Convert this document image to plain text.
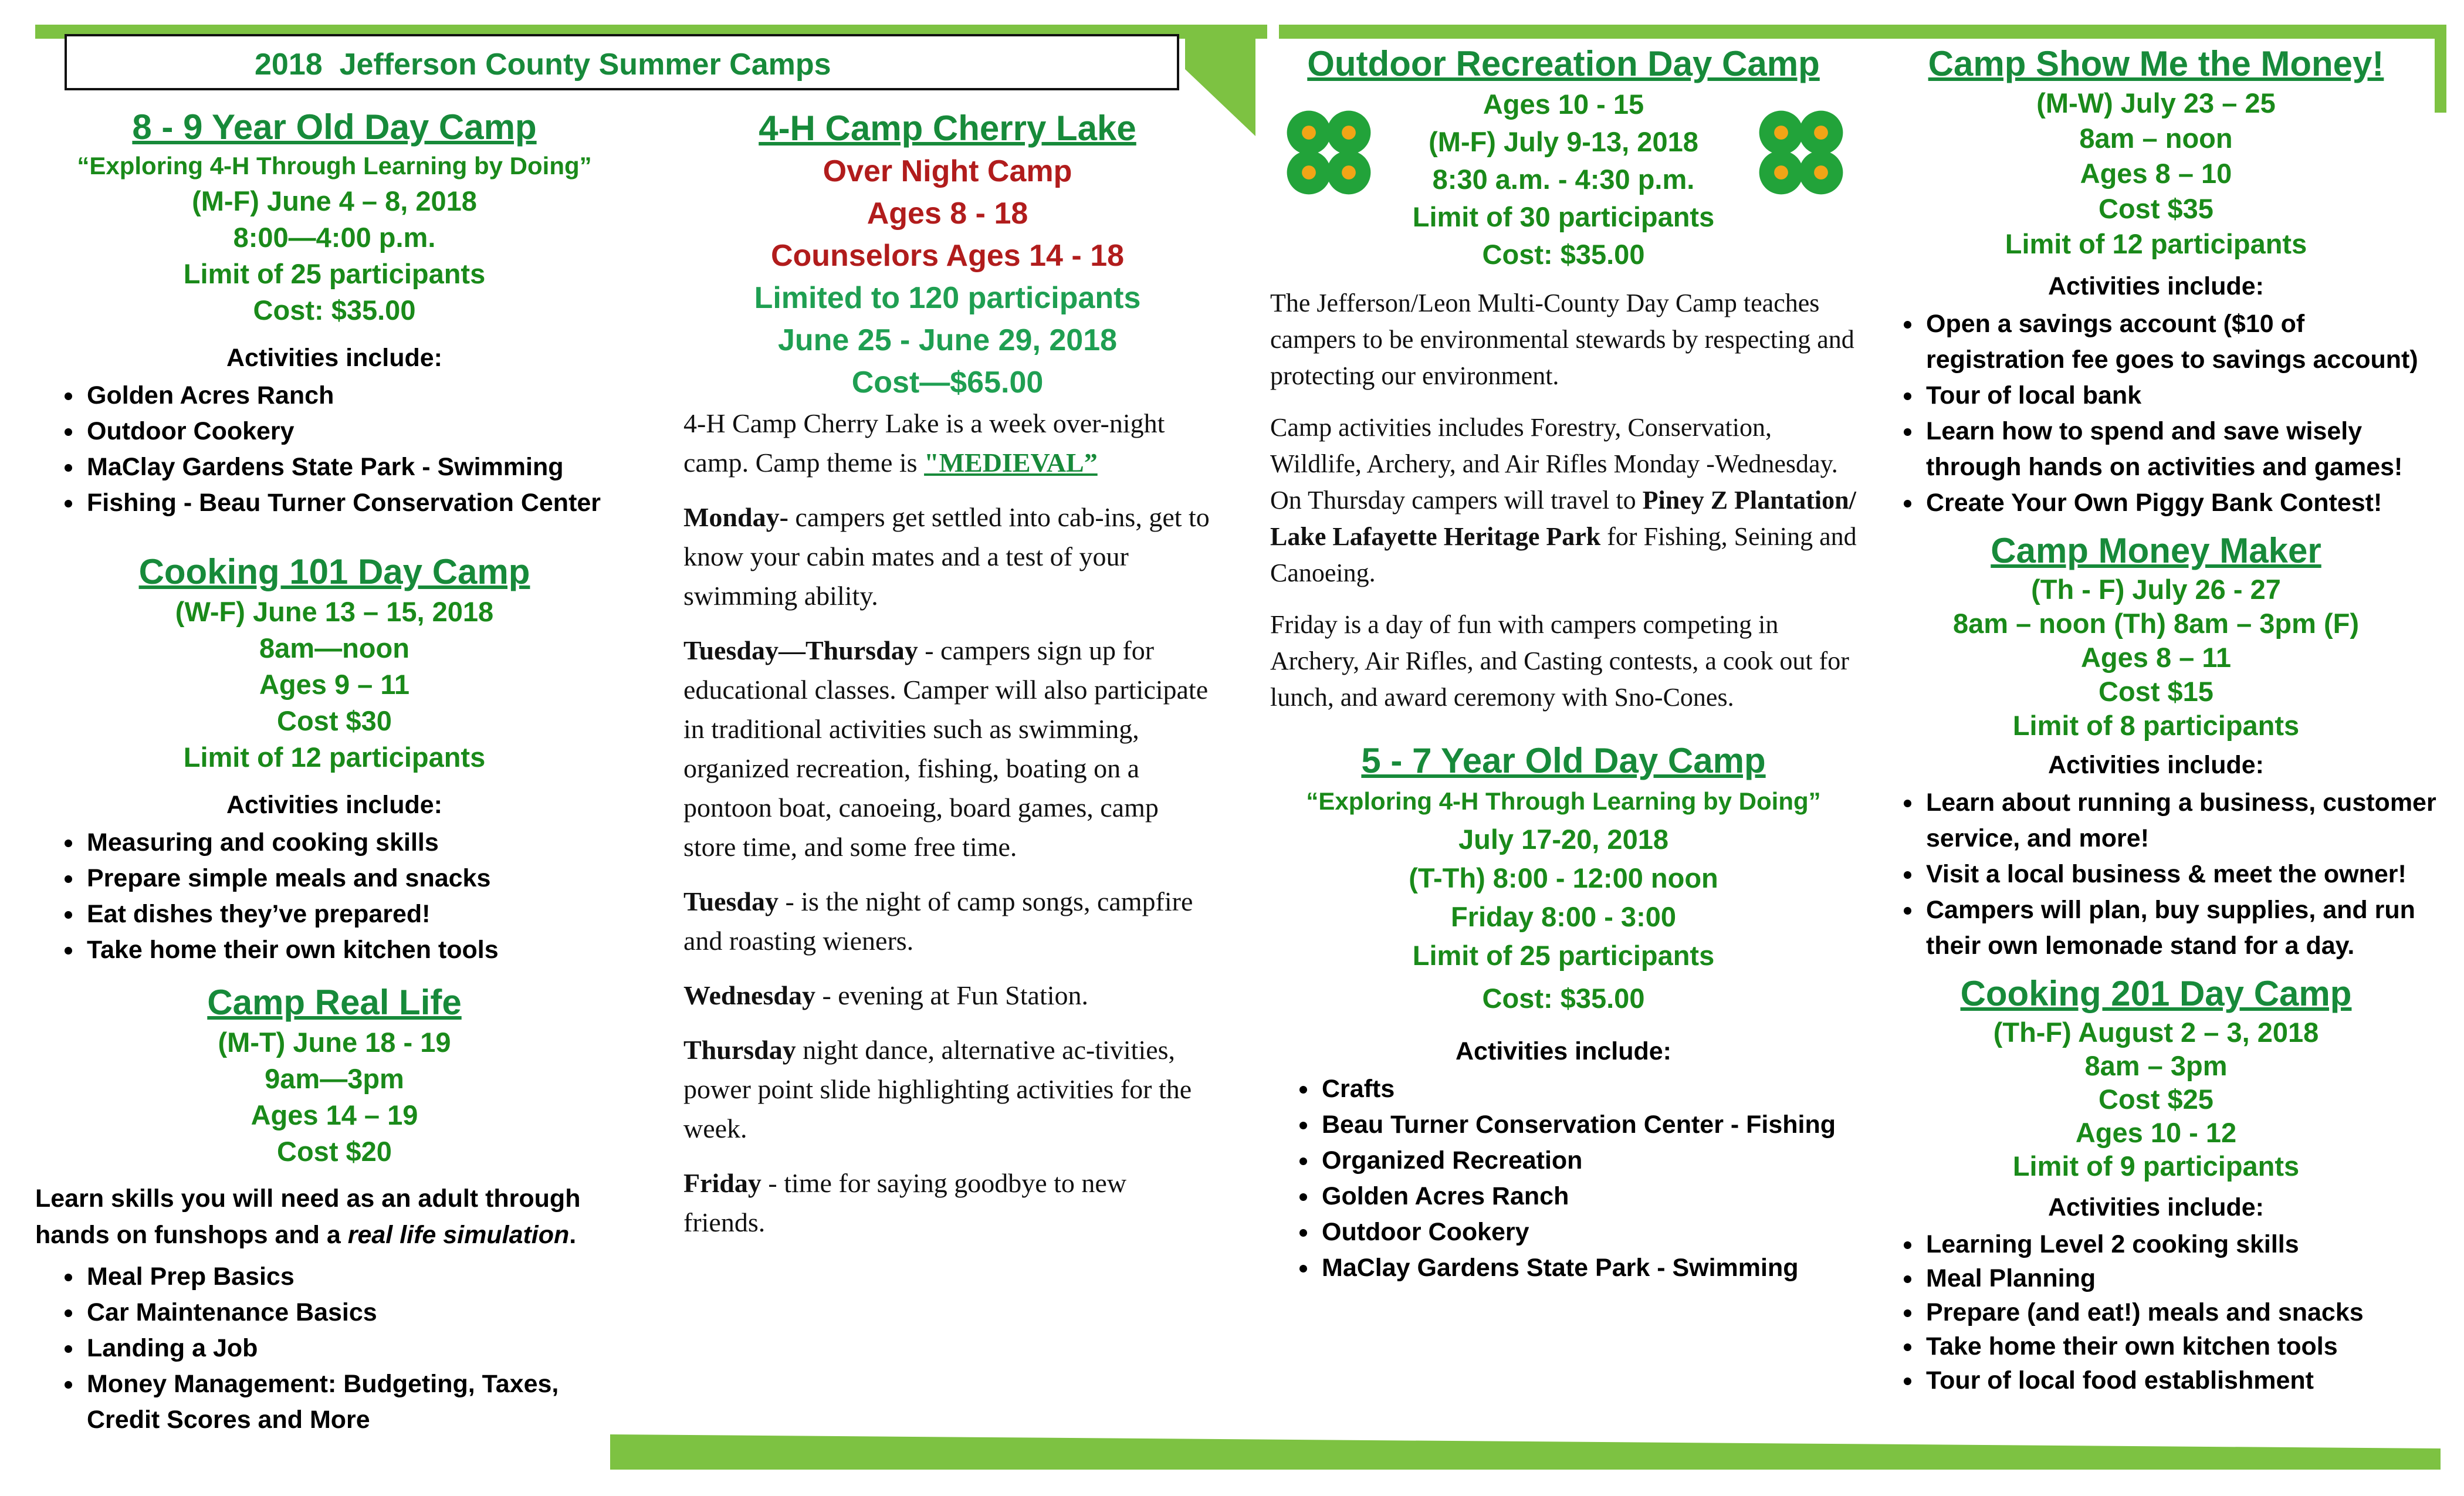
2018  Jefferson County Summer Camps

8 - 9 Year Old Day Camp

“Exploring 4-H Through Learning by Doing”

(M-F) June 4 – 8, 2018

8:00—4:00 p.m.

Limit of 25 participants

Cost: $35.00

Activities include:

• Golden Acres Ranch
• Outdoor Cookery
• MaClay Gardens State Park - Swimming
• Fishing - Beau Turner Conservation Center

Cooking 101 Day Camp

(W-F) June 13 – 15, 2018

8am—noon

Ages 9 – 11

Cost $30

Limit of 12 participants

Activities include:

• Measuring and cooking skills
• Prepare simple meals and snacks
• Eat dishes they’ve prepared!
• Take home their own kitchen tools

Camp Real Life

(M-T) June 18 - 19

9am—3pm

Ages 14 – 19

Cost $20

Learn skills you will need as an adult through hands on funshops and a real life simulation.

• Meal Prep Basics
• Car Maintenance Basics
• Landing a Job
• Money Management: Budgeting, Taxes, Credit Scores and More

4-H Camp Cherry Lake

Over Night Camp

Ages 8 - 18

Counselors Ages 14 - 18

Limited to 120 participants

June 25 - June 29, 2018

Cost—$65.00

4-H Camp Cherry Lake is a week over-night camp. Camp theme is "MEDIEVAL”

Monday- campers get settled into cab-ins, get to know your cabin mates and a test of your swimming ability.

Tuesday—Thursday - campers sign up for educational classes. Camper will also participate in traditional activities such as swimming, organized recreation, fishing, boating on a pontoon boat, canoeing, board games, camp store time, and some free time.

Tuesday - is the night of camp songs, campfire and roasting wieners.

Wednesday - evening at Fun Station.

Thursday night dance, alternative ac-tivities, power point slide highlighting activities for the week.

Friday - time for saying goodbye to new friends.

Outdoor Recreation Day Camp

Ages 10 - 15

(M-F) July 9-13, 2018

8:30 a.m. - 4:30 p.m.

Limit of 30 participants

Cost: $35.00

The Jefferson/Leon Multi-County Day Camp teaches campers to be environmental stewards by respecting and protecting our environment.

Camp activities includes Forestry, Conservation, Wildlife, Archery, and Air Rifles Monday -Wednesday. On Thursday campers will travel to Piney Z Plantation/ Lake Lafayette Heritage Park for Fishing, Seining and Canoeing.

Friday is a day of fun with campers competing in Archery, Air Rifles, and Casting contests, a cook out for lunch, and award ceremony with Sno-Cones.

5 - 7 Year Old Day Camp

“Exploring 4-H Through Learning by Doing”

July 17-20, 2018

(T-Th) 8:00 - 12:00 noon

Friday 8:00 - 3:00

Limit of 25 participants

Cost: $35.00

Activities include:

• Crafts
• Beau Turner Conservation Center - Fishing
• Organized Recreation
• Golden Acres Ranch
• Outdoor Cookery
• MaClay Gardens State Park - Swimming

Camp Show Me the Money!

(M-W) July 23 – 25

8am – noon

Ages 8 – 10

Cost $35

Limit of 12 participants

Activities include:

• Open a savings account ($10 of registration fee goes to savings account)
• Tour of local bank
• Learn how to spend and save wisely through hands on activities and games!
• Create Your Own Piggy Bank Contest!

Camp Money Maker

(Th - F) July 26 - 27

8am – noon (Th) 8am – 3pm (F)

Ages 8 – 11

Cost $15

Limit of 8 participants

Activities include:

• Learn about running a business, customer service, and more!
• Visit a local business & meet the owner!
• Campers will plan, buy supplies, and run their own lemonade stand for a day.

Cooking 201 Day Camp

(Th-F) August 2 – 3, 2018

8am – 3pm

Cost $25

Ages 10 - 12

Limit of 9 participants

Activities include:

• Learning Level 2 cooking skills
• Meal Planning
• Prepare (and eat!) meals and snacks
• Take home their own kitchen tools
• Tour of local food establishment
